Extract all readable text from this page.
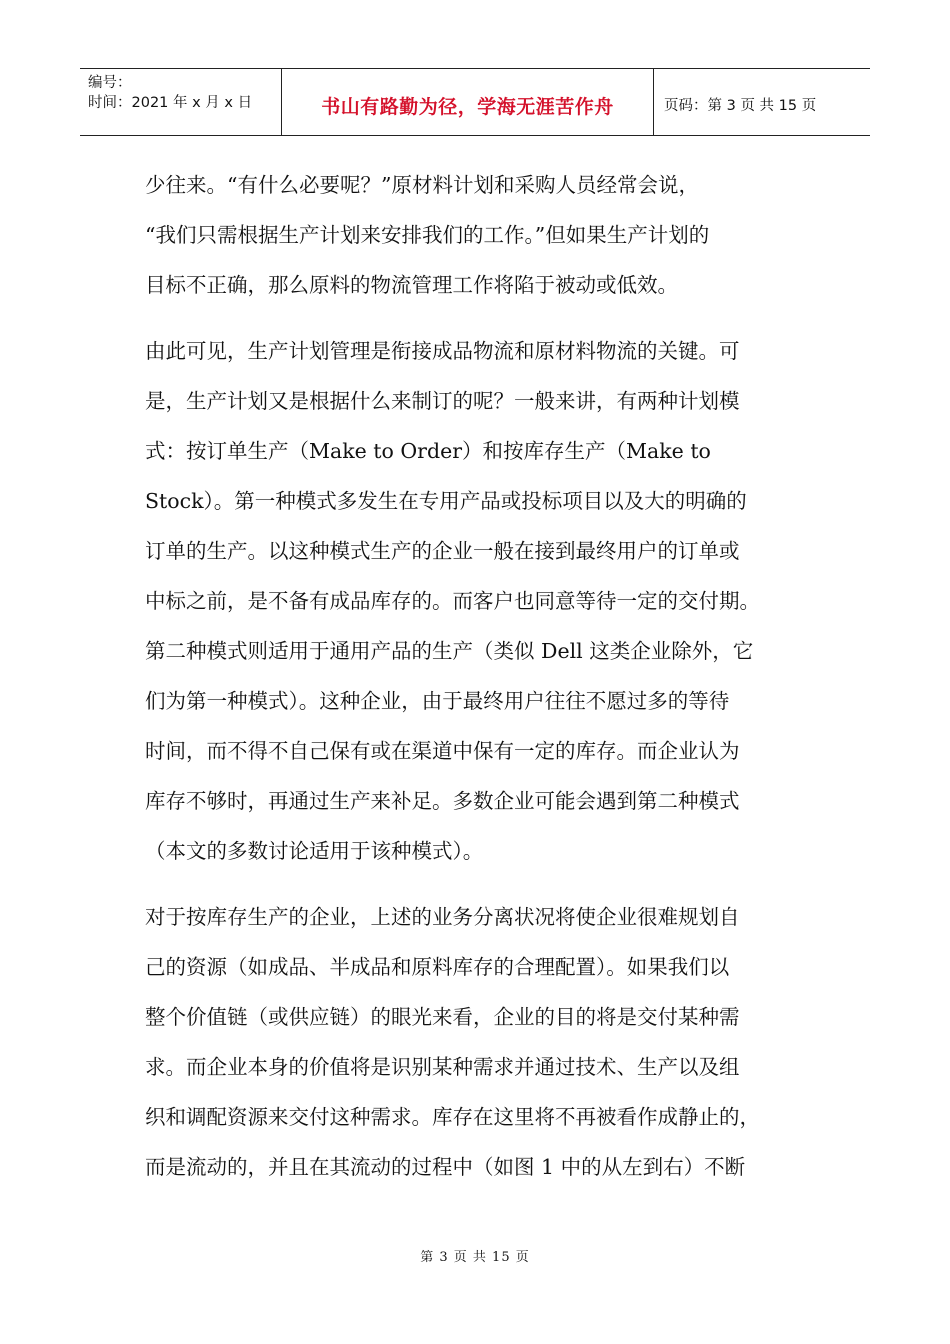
编号：
时间：2021 年 x 月 x 日	书山有路勤为径，学海无涯苦作舟	页码：第 3 页 共 15 页

少往来。“有什么必要呢？”原材料计划和采购人员经常会说，
“我们只需根据生产计划来安排我们的工作。”但如果生产计划的
目标不正确，那么原料的物流管理工作将陷于被动或低效。

由此可见，生产计划管理是衔接成品物流和原材料物流的关键。可
是，生产计划又是根据什么来制订的呢？一般来讲，有两种计划模
式：按订单生产（Make to Order）和按库存生产（Make to
Stock）。第一种模式多发生在专用产品或投标项目以及大的明确的
订单的生产。以这种模式生产的企业一般在接到最终用户的订单或
中标之前，是不备有成品库存的。而客户也同意等待一定的交付期。
第二种模式则适用于通用产品的生产（类似 Dell 这类企业除外，它
们为第一种模式）。这种企业，由于最终用户往往不愿过多的等待
时间，而不得不自己保有或在渠道中保有一定的库存。而企业认为
库存不够时，再通过生产来补足。多数企业可能会遇到第二种模式
（本文的多数讨论适用于该种模式）。

对于按库存生产的企业，上述的业务分离状况将使企业很难规划自
己的资源（如成品、半成品和原料库存的合理配置）。如果我们以
整个价值链（或供应链）的眼光来看，企业的目的将是交付某种需
求。而企业本身的价值将是识别某种需求并通过技术、生产以及组
织和调配资源来交付这种需求。库存在这里将不再被看作成静止的，
而是流动的，并且在其流动的过程中（如图 1 中的从左到右）不断

第 3 页 共 15 页
